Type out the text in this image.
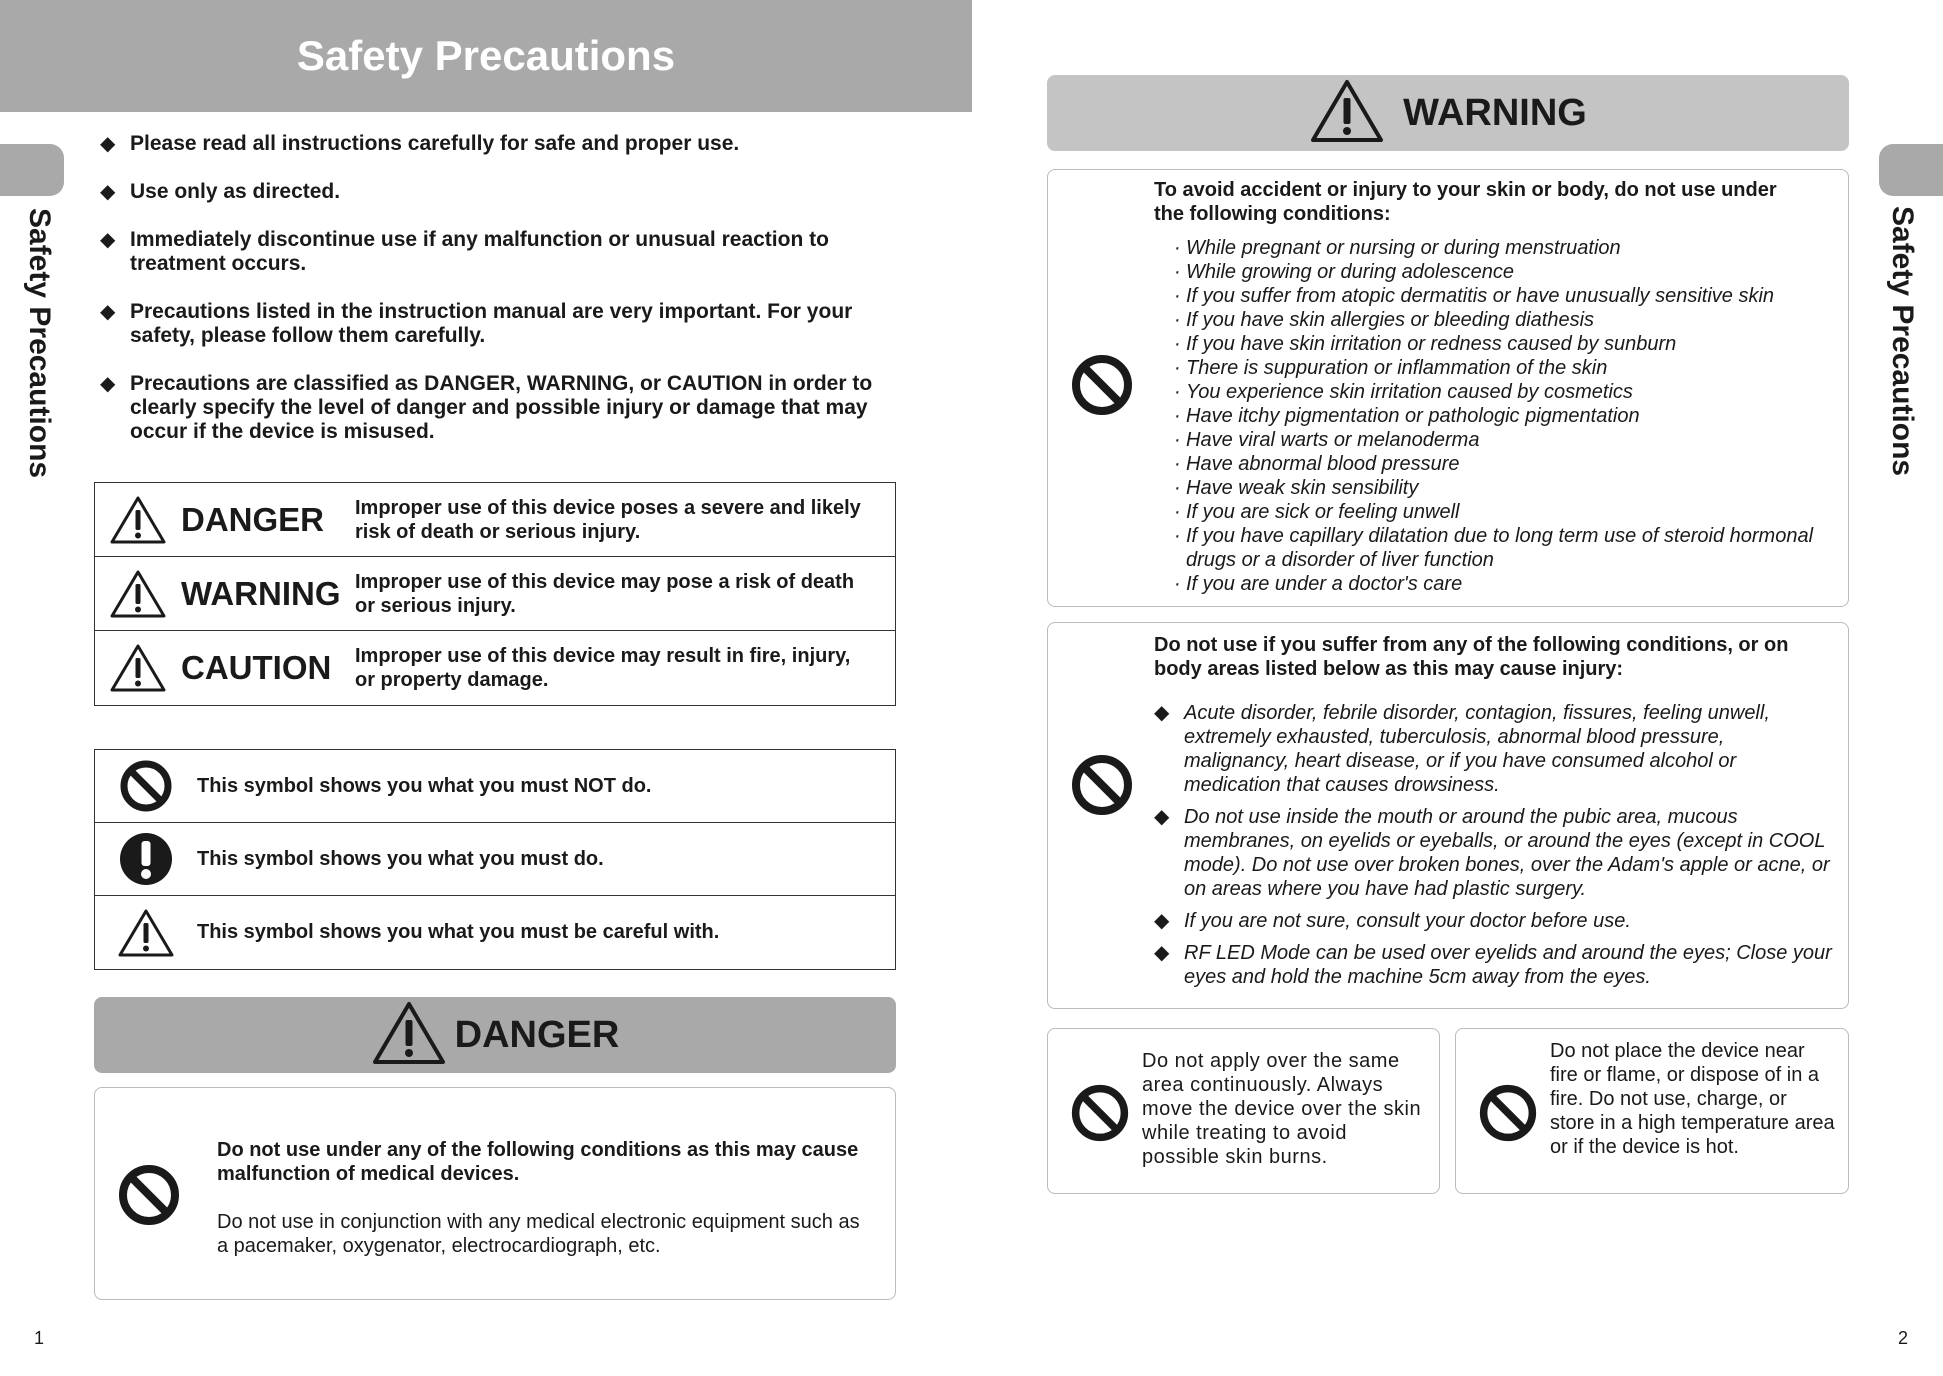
Safety Precautions
Safety Precautions
◆ Please read all instructions carefully for safe and proper use.
◆ Use only as directed.
◆ Immediately discontinue use if any malfunction or unusual reaction to treatment occurs.
◆ Precautions listed in the instruction manual are very important. For your safety, please follow them carefully.
◆ Precautions are classified as DANGER, WARNING, or CAUTION in order to clearly specify the level of danger and possible injury or damage that may occur if the device is misused.
DANGER	Improper use of this device poses a severe and likely risk of death or serious injury.
WARNING Improper use of this device may pose a risk of death or serious injury.
CAUTION	Improper use of this device may result in fire, injury, or property damage.
This symbol shows you what you must NOT do.
This symbol shows you what you must do.
This symbol shows you what you must be careful with.
DANGER
Do not use under any of the following conditions as this may cause malfunction of medical devices.
Do not use in conjunction with any medical electronic equipment such as a pacemaker, oxygenator, electrocardiograph, etc.
1
Safety Precautions
WARNING
To avoid accident or injury to your skin or body, do not use under the following conditions:
· While pregnant or nursing or during menstruation
· While growing or during adolescence
· If you suffer from atopic dermatitis or have unusually sensitive skin
· If you have skin allergies or bleeding diathesis
· If you have skin irritation or redness caused by sunburn
· There is suppuration or inflammation of the skin
· You experience skin irritation caused by cosmetics
· Have itchy pigmentation or pathologic pigmentation
· Have viral warts or melanoderma
· Have abnormal blood pressure
· Have weak skin sensibility
· If you are sick or feeling unwell
· If you have capillary dilatation due to long term use of steroid hormonal drugs or a disorder of liver function
· If you are under a doctor's care
Do not use if you suffer from any of the following conditions, or on body areas listed below as this may cause injury:
◆ Acute disorder, febrile disorder, contagion, fissures, feeling unwell, extremely exhausted, tuberculosis, abnormal blood pressure, malignancy, heart disease, or if you have consumed alcohol or medication that causes drowsiness.
◆ Do not use inside the mouth or around the pubic area, mucous membranes, on eyelids or eyeballs, or around the eyes (except in COOL mode). Do not use over broken bones, over the Adam's apple or acne, or on areas where you have had plastic surgery.
◆ If you are not sure, consult your doctor before use.
◆ RF LED Mode can be used over eyelids and around the eyes; Close your eyes and hold the machine 5cm away from the eyes.
Do not apply over the same area continuously. Always move the device over the skin while treating to avoid possible skin burns.
Do not place the device near fire or flame, or dispose of in a fire. Do not use, charge, or store in a high temperature area or if the device is hot.
2
